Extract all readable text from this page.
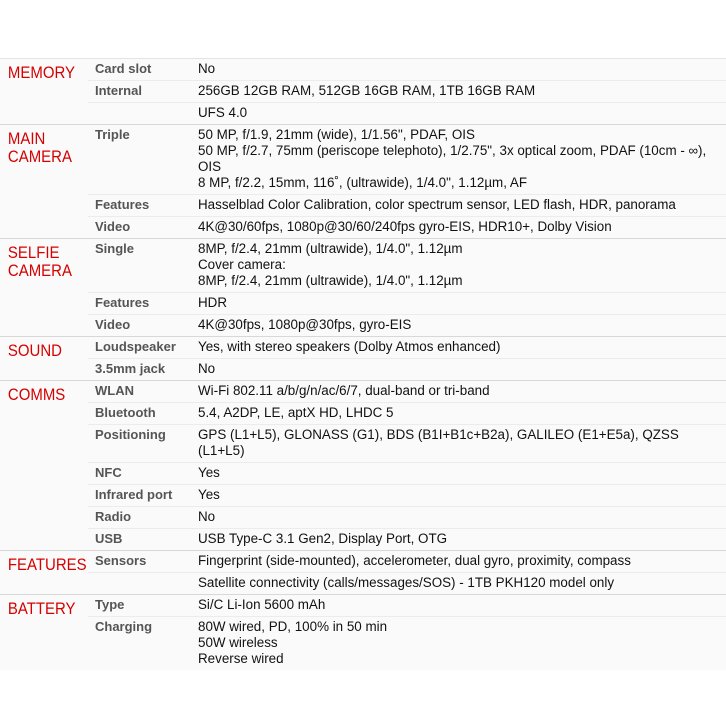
MEMORY	Card slot	No
Internal	256GB 12GB RAM, 512GB 16GB RAM, 1TB 16GB RAM
UFS 4.0
MAIN CAMERA
Triple	50 MP, f/1.9, 21mm (wide), 1/1.56", PDAF, OIS
50 MP, f/2.7, 75mm (periscope telephoto), 1/2.75", 3x optical zoom, PDAF (10cm - ∞), OIS
8 MP, f/2.2, 15mm, 116˚, (ultrawide), 1/4.0", 1.12µm, AF
Features	Hasselblad Color Calibration, color spectrum sensor, LED flash, HDR, panorama
Video	4K@30/60fps, 1080p@30/60/240fps gyro-EIS, HDR10+, Dolby Vision
SELFIE CAMERA
Single	8MP, f/2.4, 21mm (ultrawide), 1/4.0", 1.12µm
Cover camera:
8MP, f/2.4, 21mm (ultrawide), 1/4.0", 1.12µm
Features	HDR
Video	4K@30fps, 1080p@30fps, gyro-EIS
SOUND	Loudspeaker	Yes, with stereo speakers (Dolby Atmos enhanced)
3.5mm jack	No
COMMS	WLAN	Wi-Fi 802.11 a/b/g/n/ac/6/7, dual-band or tri-band
Bluetooth	5.4, A2DP, LE, aptX HD, LHDC 5
Positioning	GPS (L1+L5), GLONASS (G1), BDS (B1I+B1c+B2a), GALILEO (E1+E5a), QZSS (L1+L5)
NFC	Yes
Infrared port	Yes
Radio	No
USB	USB Type-C 3.1 Gen2, Display Port, OTG
FEATURES Sensors	Fingerprint (side-mounted), accelerometer, dual gyro, proximity, compass
Satellite connectivity (calls/messages/SOS) - 1TB PKH120 model only
BATTERY	Type	Si/C Li-Ion 5600 mAh
Charging	80W wired, PD, 100% in 50 min
50W wireless
Reverse wired
